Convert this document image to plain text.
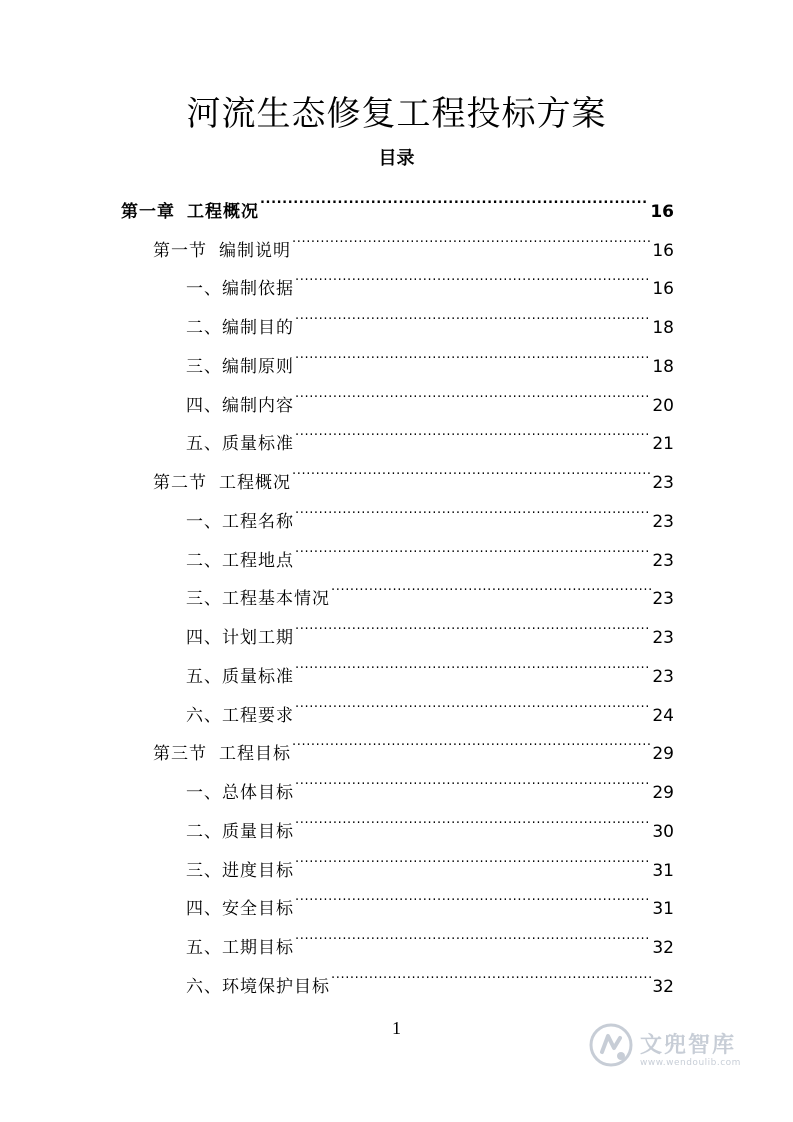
河流生态修复工程投标方案
目录
第一章 工程概况 .....	16
第一节 编制说明 .....	16
一、编制依据 .....	16
二、编制目的 .....	18
三、编制原则 .....	18
四、编制内容 .....	20
五、质量标准 .....	21
第二节 工程概况 .....	23
一、工程名称 .....	23
二、工程地点 .....	23
三、工程基本情况 .....	23
四、计划工期 .....	23
五、质量标准 .....	23
六、工程要求 .....	24
第三节 工程目标 .....	29
一、总体目标 .....	29
二、质量目标 .....	30
三、进度目标 .....	31
四、安全目标 .....	31
五、工期目标 .....	32
六、环境保护目标 .....	32
1
文兜智库
www.wendoulib.com
